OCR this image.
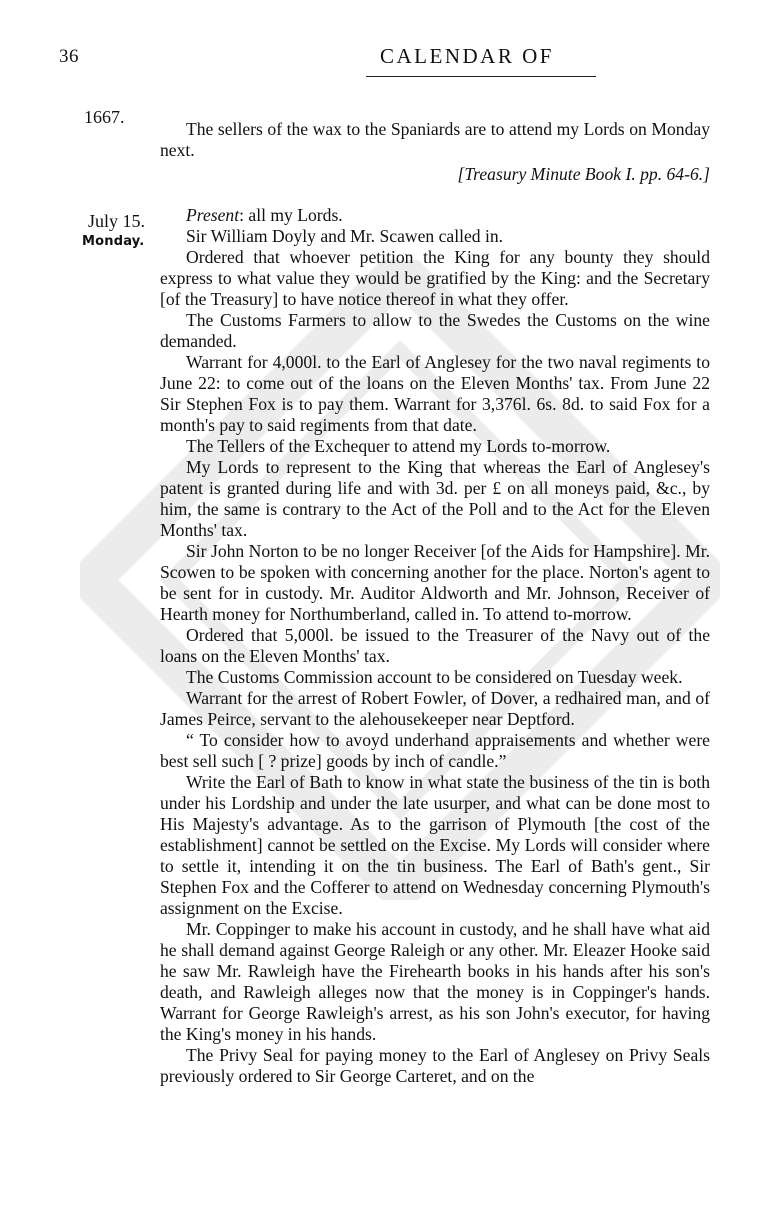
36	CALENDAR OF
1667.
July 15.
Monday.

The sellers of the wax to the Spaniards are to attend my Lords on Monday next.

[Treasury Minute Book I. pp. 64-6.]

Present: all my Lords.

Sir William Doyly and Mr. Scawen called in.

Ordered that whoever petition the King for any bounty they should express to what value they would be gratified by the King: and the Secretary [of the Treasury] to have notice thereof in what they offer.

The Customs Farmers to allow to the Swedes the Customs on the wine demanded.

Warrant for 4,000l. to the Earl of Anglesey for the two naval regiments to June 22: to come out of the loans on the Eleven Months' tax. From June 22 Sir Stephen Fox is to pay them. Warrant for 3,376l. 6s. 8d. to said Fox for a month's pay to said regiments from that date.

The Tellers of the Exchequer to attend my Lords to-morrow.

My Lords to represent to the King that whereas the Earl of Anglesey's patent is granted during life and with 3d. per £ on all moneys paid, &c., by him, the same is contrary to the Act of the Poll and to the Act for the Eleven Months' tax.

Sir John Norton to be no longer Receiver [of the Aids for Hampshire]. Mr. Scowen to be spoken with concerning another for the place. Norton's agent to be sent for in custody. Mr. Auditor Aldworth and Mr. Johnson, Receiver of Hearth money for Northumberland, called in. To attend to-morrow.

Ordered that 5,000l. be issued to the Treasurer of the Navy out of the loans on the Eleven Months' tax.

The Customs Commission account to be considered on Tuesday week.

Warrant for the arrest of Robert Fowler, of Dover, a redhaired man, and of James Peirce, servant to the alehousekeeper near Deptford.

“ To consider how to avoyd underhand appraisements and whether were best sell such [ ? prize] goods by inch of candle.”

Write the Earl of Bath to know in what state the business of the tin is both under his Lordship and under the late usurper, and what can be done most to His Majesty's advantage. As to the garrison of Plymouth [the cost of the establishment] cannot be settled on the Excise. My Lords will consider where to settle it, intending it on the tin business. The Earl of Bath's gent., Sir Stephen Fox and the Cofferer to attend on Wednesday concerning Plymouth's assignment on the Excise.

Mr. Coppinger to make his account in custody, and he shall have what aid he shall demand against George Raleigh or any other. Mr. Eleazer Hooke said he saw Mr. Rawleigh have the Firehearth books in his hands after his son's death, and Rawleigh alleges now that the money is in Coppinger's hands. Warrant for George Rawleigh's arrest, as his son John's executor, for having the King's money in his hands.

The Privy Seal for paying money to the Earl of Anglesey on Privy Seals previously ordered to Sir George Carteret, and on the
